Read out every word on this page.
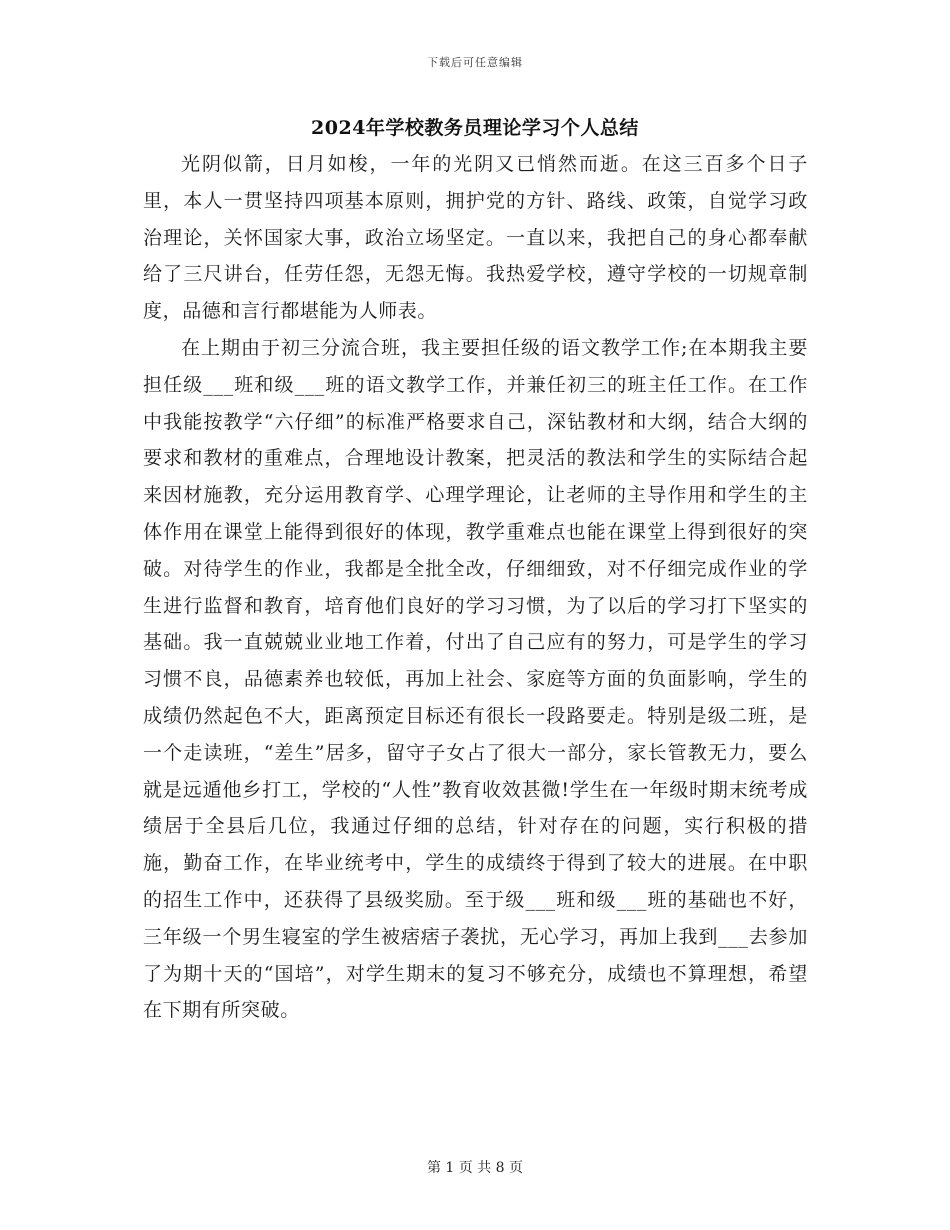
下载后可任意编辑
2024年学校教务员理论学习个人总结

光阴似箭，日月如梭，一年的光阴又已悄然而逝。在这三百多个日子里，本人一贯坚持四项基本原则，拥护党的方针、路线、政策，自觉学习政治理论，关怀国家大事，政治立场坚定。一直以来，我把自己的身心都奉献给了三尺讲台，任劳任怨，无怨无悔。我热爱学校，遵守学校的一切规章制度，品德和言行都堪能为人师表。

在上期由于初三分流合班，我主要担任级的语文教学工作;在本期我主要担任级___班和级___班的语文教学工作，并兼任初三的班主任工作。在工作中我能按教学“六仔细”的标准严格要求自己，深钻教材和大纲，结合大纲的要求和教材的重难点，合理地设计教案，把灵活的教法和学生的实际结合起来因材施教，充分运用教育学、心理学理论，让老师的主导作用和学生的主体作用在课堂上能得到很好的体现，教学重难点也能在课堂上得到很好的突破。对待学生的作业，我都是全批全改，仔细细致，对不仔细完成作业的学生进行监督和教育，培育他们良好的学习习惯，为了以后的学习打下坚实的基础。我一直兢兢业业地工作着，付出了自己应有的努力，可是学生的学习习惯不良，品德素养也较低，再加上社会、家庭等方面的负面影响，学生的成绩仍然起色不大，距离预定目标还有很长一段路要走。特别是级二班，是一个走读班，“差生”居多，留守子女占了很大一部分，家长管教无力，要么就是远遁他乡打工，学校的“人性”教育收效甚微!学生在一年级时期末统考成绩居于全县后几位，我通过仔细的总结，针对存在的问题，实行积极的措施，勤奋工作，在毕业统考中，学生的成绩终于得到了较大的进展。在中职的招生工作中，还获得了县级奖励。至于级___班和级___班的基础也不好，三年级一个男生寝室的学生被痞痞子袭扰，无心学习，再加上我到___去参加了为期十天的“国培”，对学生期末的复习不够充分，成绩也不算理想，希望在下期有所突破。

第 1 页 共 8 页
